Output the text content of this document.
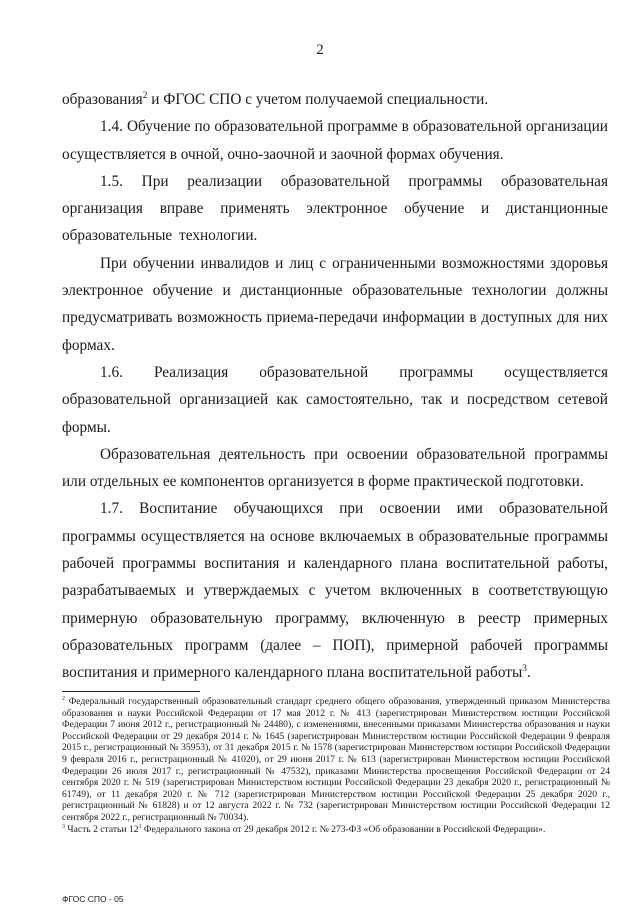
2

образования$^2$ и ФГОС СПО с учетом получаемой специальности.

1.4. Обучение по образовательной программе в образовательной организации осуществляется в очной, очно-заочной и заочной формах обучения.

1.5. При реализации образовательной программы образовательная организация вправе применять электронное обучение и дистанционные образовательные технологии.

При обучении инвалидов и лиц с ограниченными возможностями здоровья электронное обучение и дистанционные образовательные технологии должны предусматривать возможность приема-передачи информации в доступных для них формах.

1.6. Реализация образовательной программы осуществляется образовательной организацией как самостоятельно, так и посредством сетевой формы.

Образовательная деятельность при освоении образовательной программы или отдельных ее компонентов организуется в форме практической подготовки.

1.7. Воспитание обучающихся при освоении ими образовательной программы осуществляется на основе включаемых в образовательные программы рабочей программы воспитания и календарного плана воспитательной работы, разрабатываемых и утверждаемых с учетом включенных в соответствующую примерную образовательную программу, включенную в реестр примерных образовательных программ (далее – ПОП), примерной рабочей программы воспитания и примерного календарного плана воспитательной работы$^3$.

$^2$ Федеральный государственный образовательный стандарт среднего общего образования, утвержденный приказом Министерства образования и науки Российской Федерации от 17 мая 2012 г. № 413 (зарегистрирован Министерством юстиции Российской Федерации 7 июня 2012 г., регистрационный № 24480), с изменениями, внесенными приказами Министерства образования и науки Российской Федерации от 29 декабря 2014 г. № 1645 (зарегистрирован Министерством юстиции Российской Федерации 9 февраля 2015 г., регистрационный № 35953), от 31 декабря 2015 г. № 1578 (зарегистрирован Министерством юстиции Российской Федерации 9 февраля 2016 г., регистрационный № 41020), от 29 июня 2017 г. № 613 (зарегистрирован Министерством юстиции Российской Федерации 26 июля 2017 г., регистрационный № 47532), приказами Министерства просвещения Российской Федерации от 24 сентября 2020 г. № 519 (зарегистрирован Министерством юстиции Российской Федерации 23 декабря 2020 г., регистрационный № 61749), от 11 декабря 2020 г. № 712 (зарегистрирован Министерством юстиции Российской Федерации 25 декабря 2020 г., регистрационный № 61828) и от 12 августа 2022 г. № 732 (зарегистрирован Министерством юстиции Российской Федерации 12 сентября 2022 г., регистрационный № 70034).

$^3$ Часть 2 статьи $12^1$ Федерального закона от 29 декабря 2012 г. № 273-ФЗ «Об образовании в Российской Федерации».

ФГОС СПО - 05
